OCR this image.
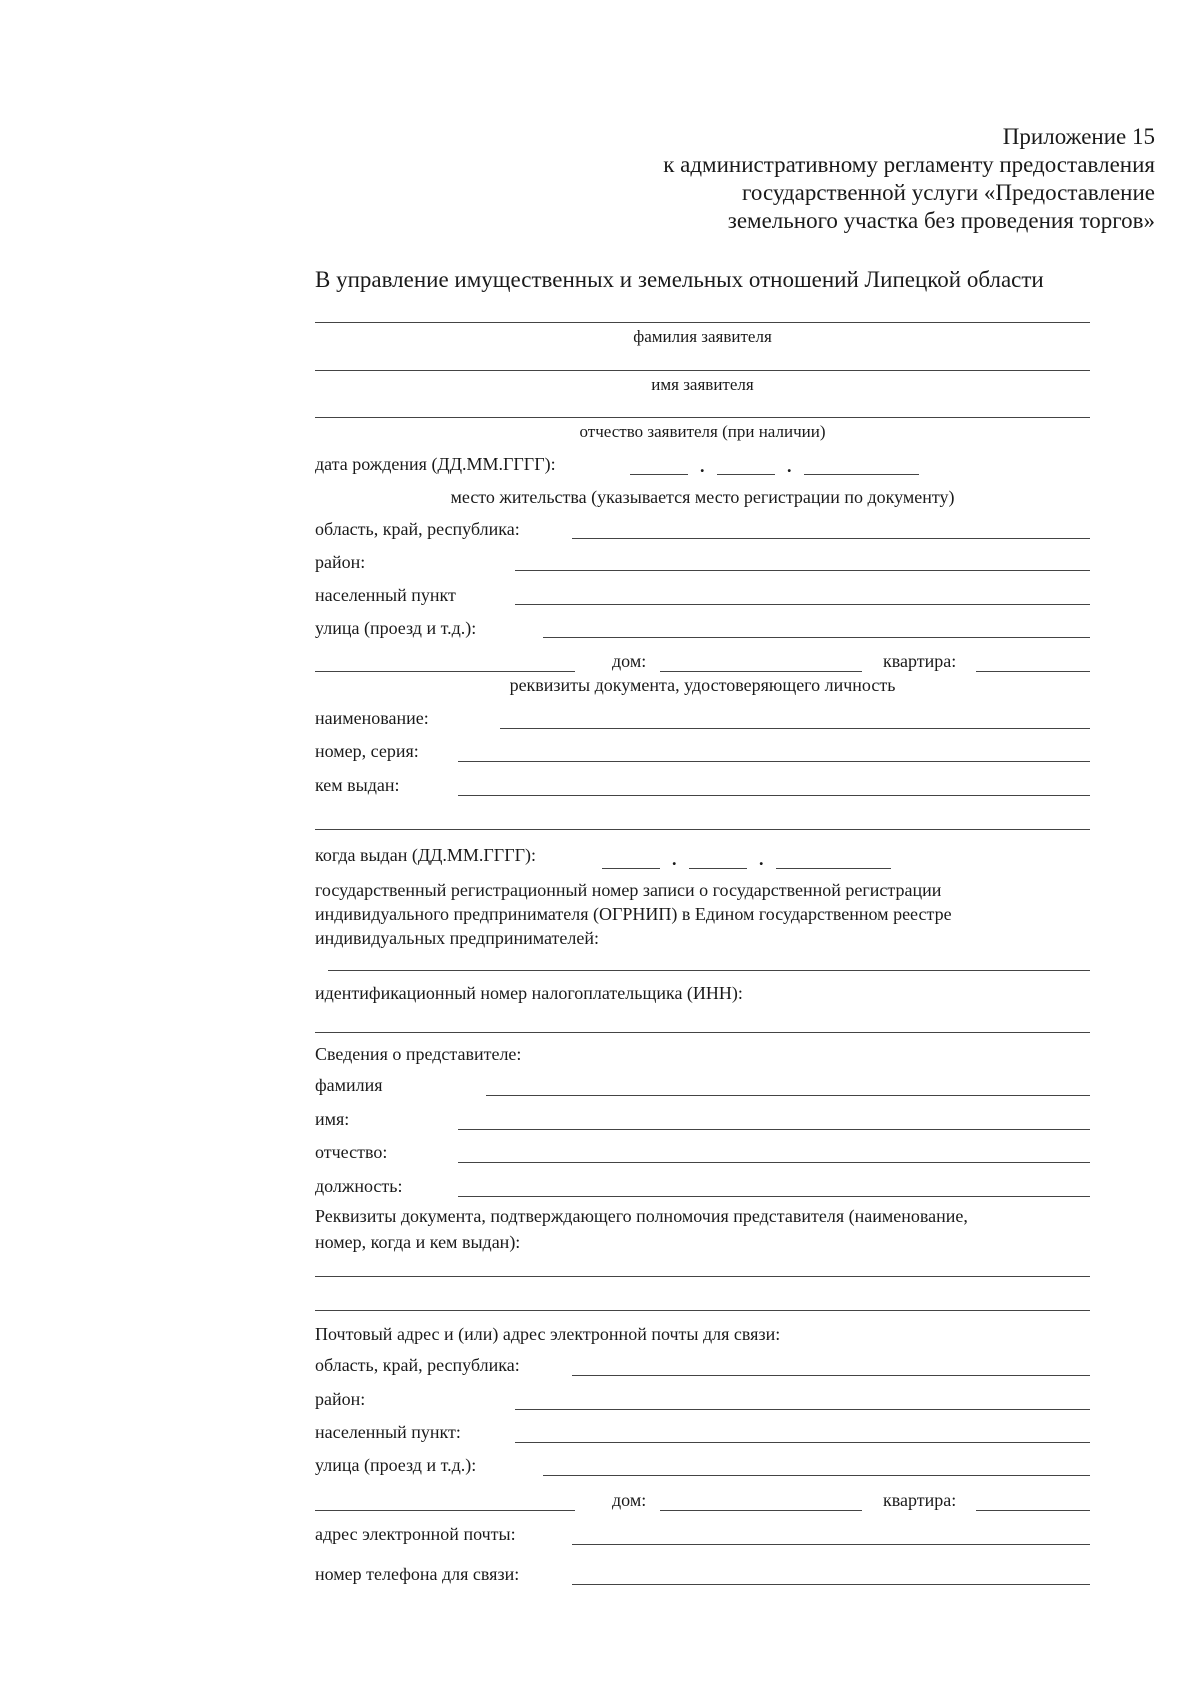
Приложение 15
к административному регламенту предоставления
государственной услуги «Предоставление
земельного участка без проведения торгов»
В управление имущественных и земельных отношений Липецкой области
фамилия заявителя
имя заявителя
отчество заявителя (при наличии)
дата рождения (ДД.ММ.ГГГГ):	.	.
место жительства (указывается место регистрации по документу)
область, край, республика:
район:
населенный пункт
улица (проезд и т.д.):
дом:	квартира:
реквизиты документа, удостоверяющего личность
наименование:
номер, серия:
кем выдан:
когда выдан (ДД.ММ.ГГГГ):	.	.
государственный регистрационный номер записи о государственной регистрации
индивидуального предпринимателя (ОГРНИП) в Едином государственном реестре
индивидуальных предпринимателей:
идентификационный номер налогоплательщика (ИНН):
Сведения о представителе:
фамилия
имя:
отчество:
должность:
Реквизиты документа, подтверждающего полномочия представителя (наименование,
номер, когда и кем выдан):
Почтовый адрес и (или) адрес электронной почты для связи:
область, край, республика:
район:
населенный пункт:
улица (проезд и т.д.):
дом:	квартира:
адрес электронной почты:
номер телефона для связи:
